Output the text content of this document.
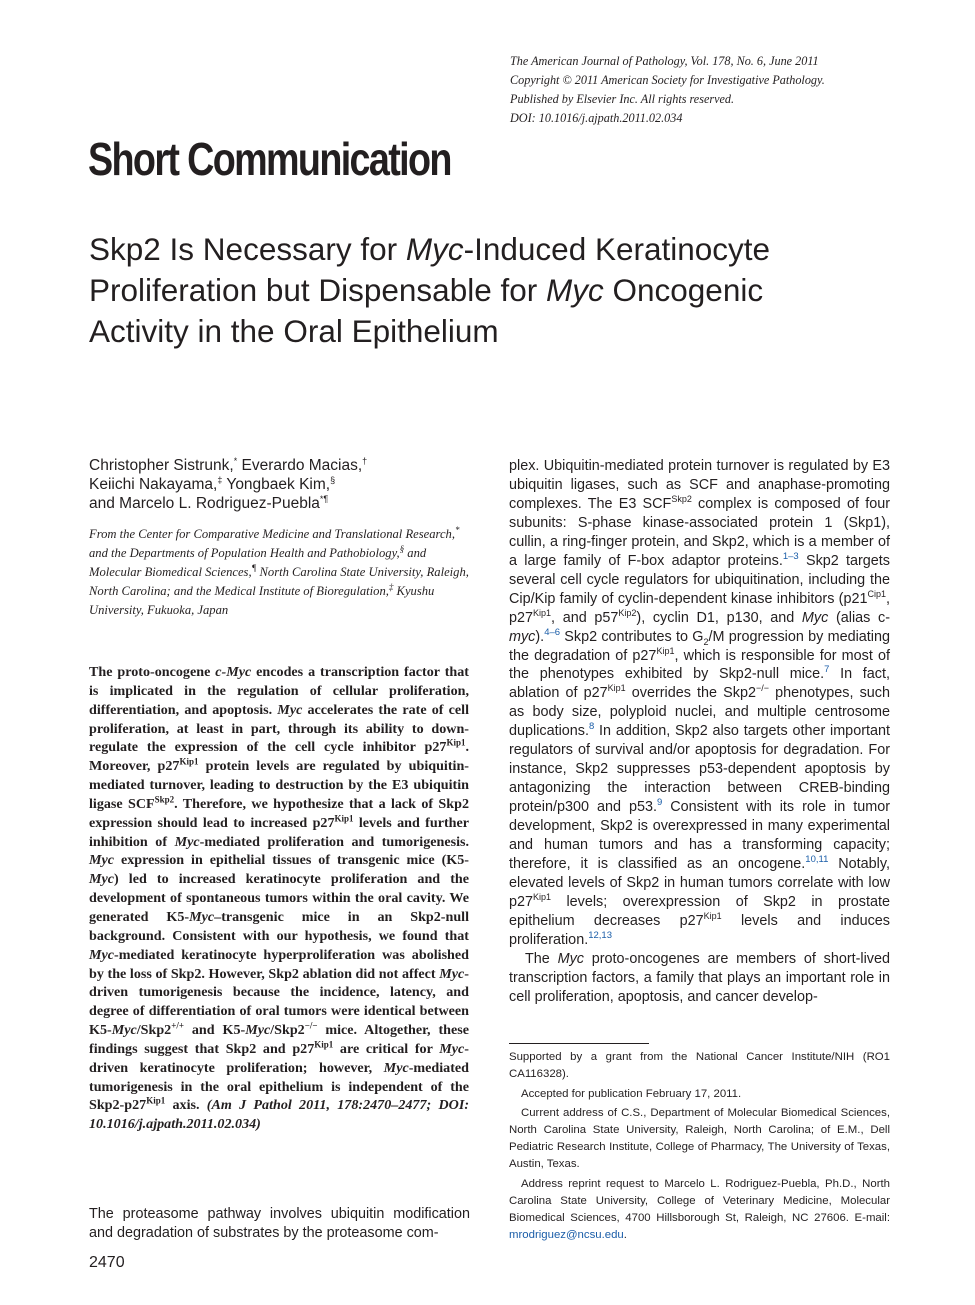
The American Journal of Pathology, Vol. 178, No. 6, June 2011
Copyright © 2011 American Society for Investigative Pathology.
Published by Elsevier Inc. All rights reserved.
DOI: 10.1016/j.ajpath.2011.02.034
Short Communication
Skp2 Is Necessary for Myc-Induced Keratinocyte Proliferation but Dispensable for Myc Oncogenic Activity in the Oral Epithelium
Christopher Sistrunk,* Everardo Macias,†
Keiichi Nakayama,‡ Yongbaek Kim,§
and Marcelo L. Rodriguez-Puebla*¶
From the Center for Comparative Medicine and Translational Research,* and the Departments of Population Health and Pathobiology,§ and Molecular Biomedical Sciences,¶ North Carolina State University, Raleigh, North Carolina; and the Medical Institute of Bioregulation,‡ Kyushu University, Fukuoka, Japan

The proto-oncogene c-Myc encodes a transcription factor that is implicated in the regulation of cellular proliferation, differentiation, and apoptosis. Myc accelerates the rate of cell proliferation, at least in part, through its ability to down-regulate the expression of the cell cycle inhibitor $p27^{Kip1}$. Moreover, $p27^{Kip1}$ protein levels are regulated by ubiquitin-mediated turnover, leading to destruction by the E3 ubiquitin ligase $SCF^{Skp2}$. Therefore, we hypothesize that a lack of Skp2 expression should lead to increased $p27^{Kip1}$ levels and further inhibition of Myc-mediated proliferation and tumorigenesis. Myc expression in epithelial tissues of transgenic mice (K5-Myc) led to increased keratinocyte proliferation and the development of spontaneous tumors within the oral cavity. We generated K5-Myc–transgenic mice in an Skp2-null background. Consistent with our hypothesis, we found that Myc-mediated keratinocyte hyperproliferation was abolished by the loss of Skp2. However, Skp2 ablation did not affect Myc-driven tumorigenesis because the incidence, latency, and degree of differentiation of oral tumors were identical between K5-Myc/Skp2+/+ and K5-Myc/Skp2−/− mice. Altogether, these findings suggest that Skp2 and $p27^{Kip1}$ are critical for Myc-driven keratinocyte proliferation; however, Myc-mediated tumorigenesis in the oral epithelium is independent of the $Skp2-p27^{Kip1}$ axis. (Am J Pathol 2011, 178:2470–2477; DOI: 10.1016/j.ajpath.2011.02.034)

The proteasome pathway involves ubiquitin modification and degradation of substrates by the proteasome com-

plex. Ubiquitin-mediated protein turnover is regulated by E3 ubiquitin ligases, such as SCF and anaphase-promoting complexes. The E3 $SCF^{Skp2}$ complex is composed of four subunits: S-phase kinase-associated protein 1 (Skp1), cullin, a ring-finger protein, and Skp2, which is a member of a large family of F-box adaptor proteins.$^{1-3}$ Skp2 targets several cell cycle regulators for ubiquitination, including the Cip/Kip family of cyclin-dependent kinase inhibitors ($p21^{Cip1}$, $p27^{Kip1}$, and $p57^{Kip2}$), cyclin D1, p130, and Myc (alias c-myc).$^{4-6}$ Skp2 contributes to $G_2/M$ progression by mediating the degradation of $p27^{Kip1}$, which is responsible for most of the phenotypes exhibited by Skp2-null mice.$^7$ In fact, ablation of $p27^{Kip1}$ overrides the Skp2−/− phenotypes, such as body size, polyploid nuclei, and multiple centrosome duplications.$^8$ In addition, Skp2 also targets other important regulators of survival and/or apoptosis for degradation. For instance, Skp2 suppresses p53-dependent apoptosis by antagonizing the interaction between CREB-binding protein/p300 and p53.$^9$ Consistent with its role in tumor development, Skp2 is overexpressed in many experimental and human tumors and has a transforming capacity; therefore, it is classified as an oncogene.$^{10,11}$ Notably, elevated levels of Skp2 in human tumors correlate with low $p27^{Kip1}$ levels; overexpression of Skp2 in prostate epithelium decreases $p27^{Kip1}$ levels and induces proliferation.$^{12,13}$

The Myc proto-oncogenes are members of short-lived transcription factors, a family that plays an important role in cell proliferation, apoptosis, and cancer develop-

Supported by a grant from the National Cancer Institute/NIH (RO1 CA116328).

Accepted for publication February 17, 2011.

Current address of C.S., Department of Molecular Biomedical Sciences, North Carolina State University, Raleigh, North Carolina; of E.M., Dell Pediatric Research Institute, College of Pharmacy, The University of Texas, Austin, Texas.

Address reprint request to Marcelo L. Rodriguez-Puebla, Ph.D., North Carolina State University, College of Veterinary Medicine, Molecular Biomedical Sciences, 4700 Hillsborough St, Raleigh, NC 27606. E-mail: mrodriguez@ncsu.edu.

2470
